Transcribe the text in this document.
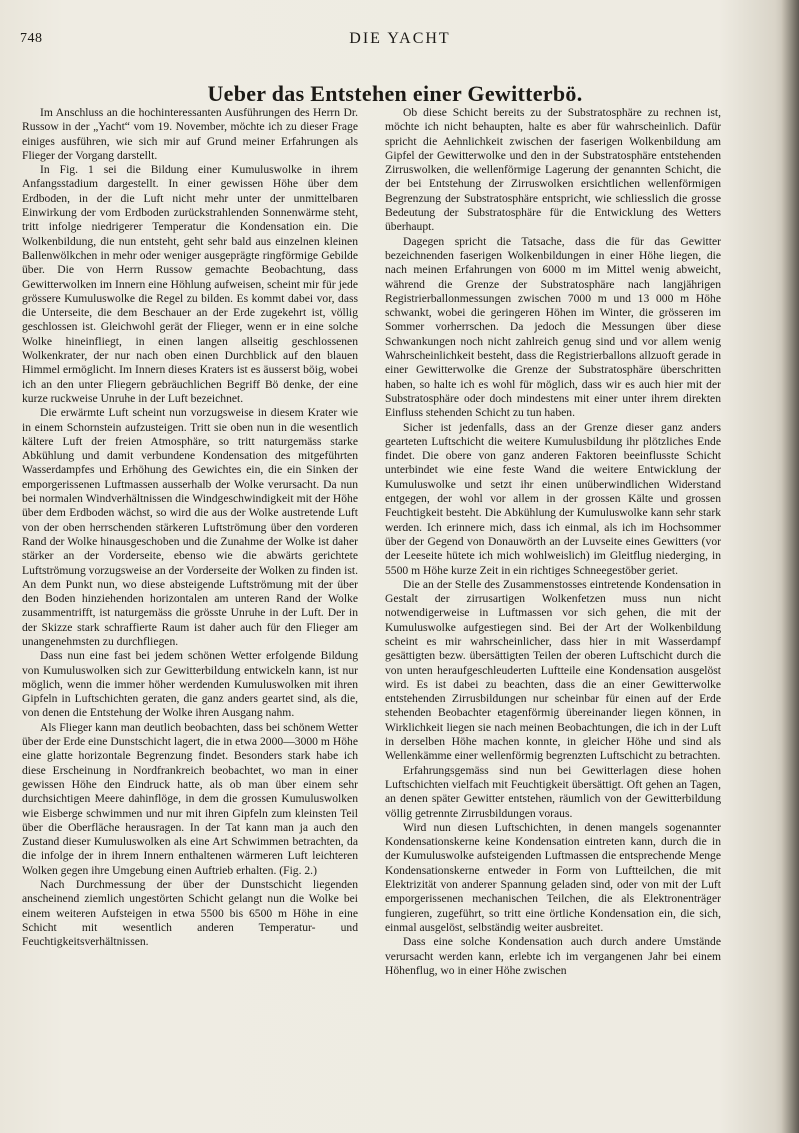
748	DIE YACHT
Ueber das Entstehen einer Gewitterbö.

Im Anschluss an die hochinteressanten Ausführungen des Herrn Dr. Russow in der „Yacht“ vom 19. November, möchte ich zu dieser Frage einiges ausführen, wie sich mir auf Grund meiner Erfahrungen als Flieger der Vorgang darstellt.

In Fig. 1 sei die Bildung einer Kumuluswolke in ihrem Anfangsstadium dargestellt. In einer gewissen Höhe über dem Erdboden, in der die Luft nicht mehr unter der unmittelbaren Einwirkung der vom Erdboden zurückstrahlenden Sonnenwärme steht, tritt infolge niedrigerer Temperatur die Kondensation ein. Die Wolkenbildung, die nun entsteht, geht sehr bald aus einzelnen kleinen Ballenwölkchen in mehr oder weniger ausgeprägte ringförmige Gebilde über. Die von Herrn Russow gemachte Beobachtung, dass Gewitterwolken im Innern eine Höhlung aufweisen, scheint mir für jede grössere Kumuluswolke die Regel zu bilden. Es kommt dabei vor, dass die Unterseite, die dem Beschauer an der Erde zugekehrt ist, völlig geschlossen ist. Gleichwohl gerät der Flieger, wenn er in eine solche Wolke hineinfliegt, in einen langen allseitig geschlossenen Wolkenkrater, der nur nach oben einen Durchblick auf den blauen Himmel ermöglicht. Im Innern dieses Kraters ist es äusserst böig, wobei ich an den unter Fliegern gebräuchlichen Begriff Bö denke, der eine kurze ruckweise Unruhe in der Luft bezeichnet.

Die erwärmte Luft scheint nun vorzugsweise in diesem Krater wie in einem Schornstein aufzusteigen. Tritt sie oben nun in die wesentlich kältere Luft der freien Atmosphäre, so tritt naturgemäss starke Abkühlung und damit verbundene Kondensation des mitgeführten Wasserdampfes und Erhöhung des Gewichtes ein, die ein Sinken der emporgerissenen Luftmassen ausserhalb der Wolke verursacht. Da nun bei normalen Windverhältnissen die Windgeschwindigkeit mit der Höhe über dem Erdboden wächst, so wird die aus der Wolke austretende Luft von der oben herrschenden stärkeren Luftströmung über den vorderen Rand der Wolke hinausgeschoben und die Zunahme der Wolke ist daher stärker an der Vorderseite, ebenso wie die abwärts gerichtete Luftströmung vorzugsweise an der Vorderseite der Wolken zu finden ist. An dem Punkt nun, wo diese absteigende Luftströmung mit der über den Boden hinziehenden horizontalen am unteren Rand der Wolke zusammentrifft, ist naturgemäss die grösste Unruhe in der Luft. Der in der Skizze stark schraffierte Raum ist daher auch für den Flieger am unangenehmsten zu durchfliegen.

Dass nun eine fast bei jedem schönen Wetter erfolgende Bildung von Kumuluswolken sich zur Gewitterbildung entwickeln kann, ist nur möglich, wenn die immer höher werdenden Kumuluswolken mit ihren Gipfeln in Luftschichten geraten, die ganz anders geartet sind, als die, von denen die Entstehung der Wolke ihren Ausgang nahm.

Als Flieger kann man deutlich beobachten, dass bei schönem Wetter über der Erde eine Dunstschicht lagert, die in etwa 2000—3000 m Höhe eine glatte horizontale Begrenzung findet. Besonders stark habe ich diese Erscheinung in Nordfrankreich beobachtet, wo man in einer gewissen Höhe den Eindruck hatte, als ob man über einem sehr durchsichtigen Meere dahinflöge, in dem die grossen Kumuluswolken wie Eisberge schwimmen und nur mit ihren Gipfeln zum kleinsten Teil über die Oberfläche herausragen. In der Tat kann man ja auch den Zustand dieser Kumuluswolken als eine Art Schwimmen betrachten, da die infolge der in ihrem Innern enthaltenen wärmeren Luft leichteren Wolken gegen ihre Umgebung einen Auftrieb erhalten. (Fig. 2.)

Nach Durchmessung der über der Dunstschicht liegenden anscheinend ziemlich ungestörten Schicht gelangt nun die Wolke bei einem weiteren Aufsteigen in etwa 5500 bis 6500 m Höhe in eine Schicht mit wesentlich anderen Temperatur- und Feuchtigkeitsverhältnissen.

Ob diese Schicht bereits zu der Substratosphäre zu rechnen ist, möchte ich nicht behaupten, halte es aber für wahrscheinlich. Dafür spricht die Aehnlichkeit zwischen der faserigen Wolkenbildung am Gipfel der Gewitterwolke und den in der Substratosphäre entstehenden Zirruswolken, die wellenförmige Lagerung der genannten Schicht, die der bei Entstehung der Zirruswolken ersichtlichen wellenförmigen Begrenzung der Substratosphäre entspricht, wie schliesslich die grosse Bedeutung der Substratosphäre für die Entwicklung des Wetters überhaupt.

Dagegen spricht die Tatsache, dass die für das Gewitter bezeichnenden faserigen Wolkenbildungen in einer Höhe liegen, die nach meinen Erfahrungen von 6000 m im Mittel wenig abweicht, während die Grenze der Substratosphäre nach langjährigen Registrierballonmessungen zwischen 7000 m und 13 000 m Höhe schwankt, wobei die geringeren Höhen im Winter, die grösseren im Sommer vorherrschen. Da jedoch die Messungen über diese Schwankungen noch nicht zahlreich genug sind und vor allem wenig Wahrscheinlichkeit besteht, dass die Registrierballons allzuoft gerade in einer Gewitterwolke die Grenze der Substratosphäre überschritten haben, so halte ich es wohl für möglich, dass wir es auch hier mit der Substratosphäre oder doch mindestens mit einer unter ihrem direkten Einfluss stehenden Schicht zu tun haben.

Sicher ist jedenfalls, dass an der Grenze dieser ganz anders gearteten Luftschicht die weitere Kumulusbildung ihr plötzliches Ende findet. Die obere von ganz anderen Faktoren beeinflusste Schicht unterbindet wie eine feste Wand die weitere Entwicklung der Kumuluswolke und setzt ihr einen unüberwindlichen Widerstand entgegen, der wohl vor allem in der grossen Kälte und grossen Feuchtigkeit besteht. Die Abkühlung der Kumuluswolke kann sehr stark werden. Ich erinnere mich, dass ich einmal, als ich im Hochsommer über der Gegend von Donauwörth an der Luvseite eines Gewitters (vor der Leeseite hütete ich mich wohlweislich) im Gleitflug niederging, in 5500 m Höhe kurze Zeit in ein richtiges Schneegestöber geriet.

Die an der Stelle des Zusammenstosses eintretende Kondensation in Gestalt der zirrusartigen Wolkenfetzen muss nun nicht notwendigerweise in Luftmassen vor sich gehen, die mit der Kumuluswolke aufgestiegen sind. Bei der Art der Wolkenbildung scheint es mir wahrscheinlicher, dass hier in mit Wasserdampf gesättigten bezw. übersättigten Teilen der oberen Luftschicht durch die von unten heraufgeschleuderten Luftteile eine Kondensation ausgelöst wird. Es ist dabei zu beachten, dass die an einer Gewitterwolke entstehenden Zirrusbildungen nur scheinbar für einen auf der Erde stehenden Beobachter etagenförmig übereinander liegen können, in Wirklichkeit liegen sie nach meinen Beobachtungen, die ich in der Luft in derselben Höhe machen konnte, in gleicher Höhe und sind als Wellenkämme einer wellenförmig begrenzten Luftschicht zu betrachten.

Erfahrungsgemäss sind nun bei Gewitterlagen diese hohen Luftschichten vielfach mit Feuchtigkeit übersättigt. Oft gehen an Tagen, an denen später Gewitter entstehen, räumlich von der Gewitterbildung völlig getrennte Zirrusbildungen voraus.

Wird nun diesen Luftschichten, in denen mangels sogenannter Kondensationskerne keine Kondensation eintreten kann, durch die in der Kumuluswolke aufsteigenden Luftmassen die entsprechende Menge Kondensationskerne entweder in Form von Luftteilchen, die mit Elektrizität von anderer Spannung geladen sind, oder von mit der Luft emporgerissenen mechanischen Teilchen, die als Elektronenträger fungieren, zugeführt, so tritt eine örtliche Kondensation ein, die sich, einmal ausgelöst, selbständig weiter ausbreitet.

Dass eine solche Kondensation auch durch andere Umstände verursacht werden kann, erlebte ich im vergangenen Jahr bei einem Höhenflug, wo in einer Höhe zwischen
